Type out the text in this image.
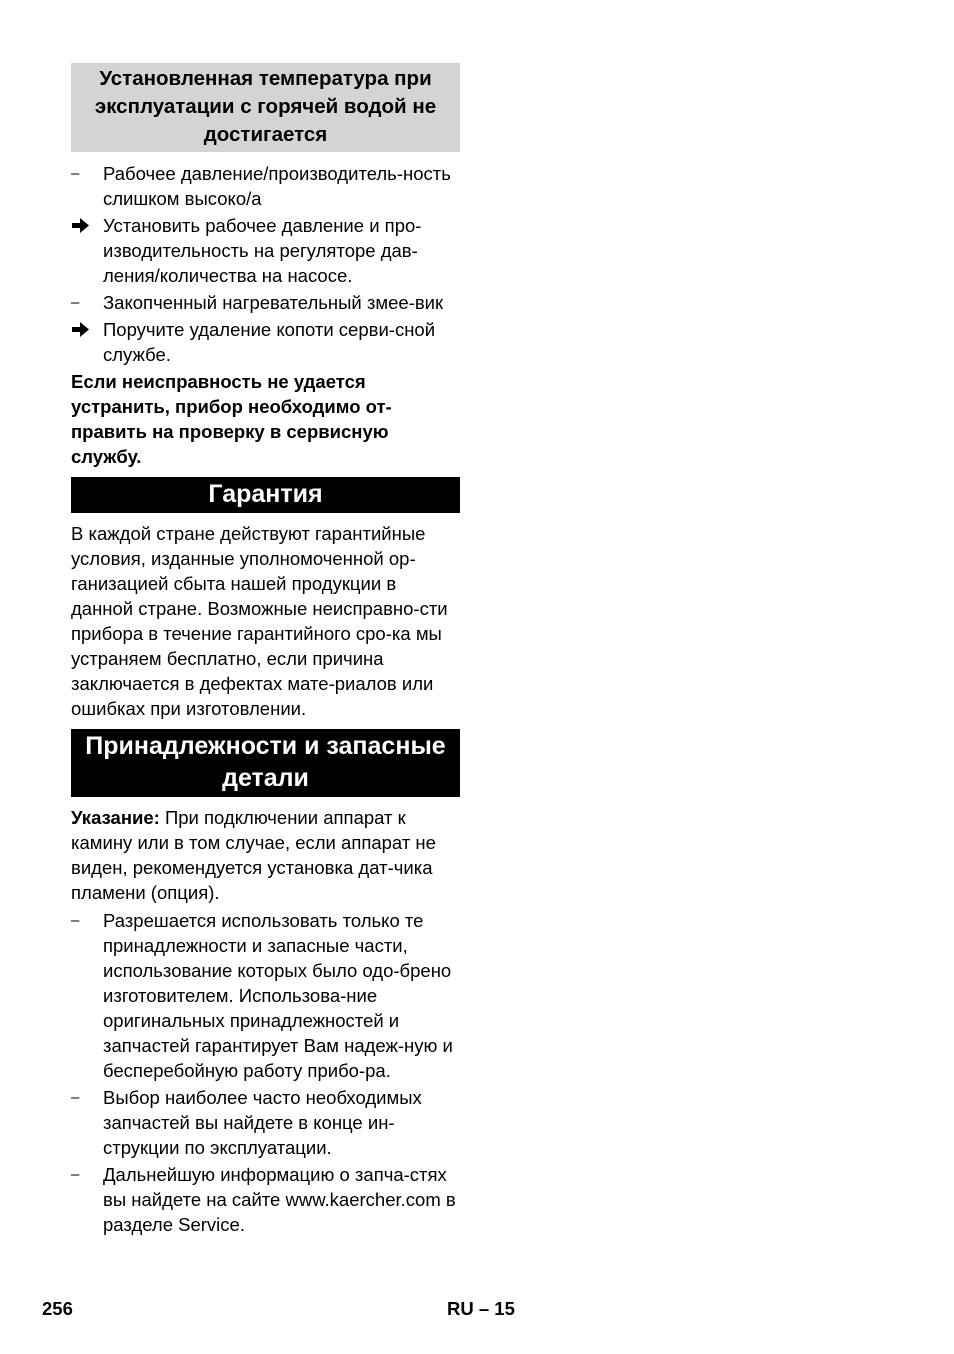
Установленная температура при эксплуатации с горячей водой не достигается
–	Рабочее давление/производитель-ность слишком высоко/а
Установить рабочее давление и про-изводительность на регуляторе дав-ления/количества на насосе.
–	Закопченный нагревательный змее-вик
Поручите удаление копоти серви-сной службе.
Если неисправность не удается устранить, прибор необходимо от-править на проверку в сервисную службу.
Гарантия
В каждой стране действуют гарантийные условия, изданные уполномоченной ор-ганизацией сбыта нашей продукции в данной стране. Возможные неисправно-сти прибора в течение гарантийного сро-ка мы устраняем бесплатно, если причина заключается в дефектах мате-риалов или ошибках при изготовлении.
Принадлежности и запасные детали
Указание: При подключении аппарат к камину или в том случае, если аппарат не виден, рекомендуется установка дат-чика пламени (опция).
–	Разрешается использовать только те принадлежности и запасные части, использование которых было одо-брено изготовителем. Использова-ние оригинальных принадлежностей и запчастей гарантирует Вам надеж-ную и бесперебойную работу прибо-ра.
–	Выбор наиболее часто необходимых запчастей вы найдете в конце ин-струкции по эксплуатации.
–	Дальнейшую информацию о запча-стях вы найдете на сайте www.kaercher.com в разделе Service.
256	RU – 15
